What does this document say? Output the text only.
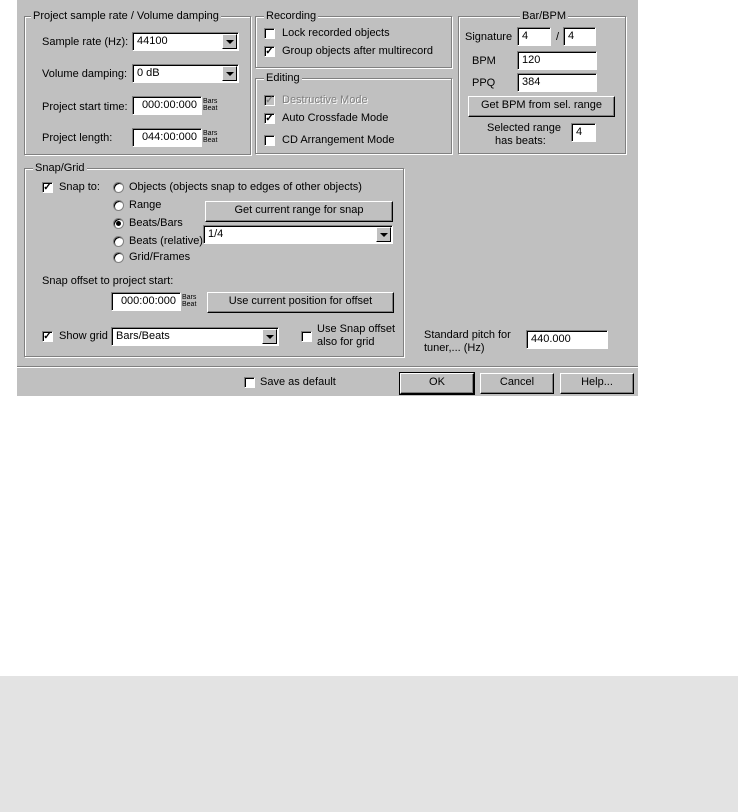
Project sample rate / Volume damping
Sample rate (Hz): 44100
Volume damping: 0 dB
Project start time:	000:00:000 Bars
Beat
Project length:	044:00:000 Bars
Beat
Recording
Lock recorded objects
✓ Group objects after multirecord
Editing
✓ Destructive Mode
✓ Auto Crossfade Mode
CD Arrangement Mode
Bar/BPM
Signature 4	/ 4
BPM	120
PPQ	384
Get BPM from sel. range
Selected range
has beats:
4
Snap/Grid
✓ Snap to:	Objects (objects snap to edges of other objects)
Range
Beats/Bars
Beats (relative)
Grid/Frames
Get current range for snap
1/4
Snap offset to project start:
000:00:000 Bars
Beat	Use current position for offset
✓ Show grid Bars/Beats
Use Snap offset
also for grid
Standard pitch for
tuner,... (Hz)
440.000
Save as default	OK	Cancel	Help...
